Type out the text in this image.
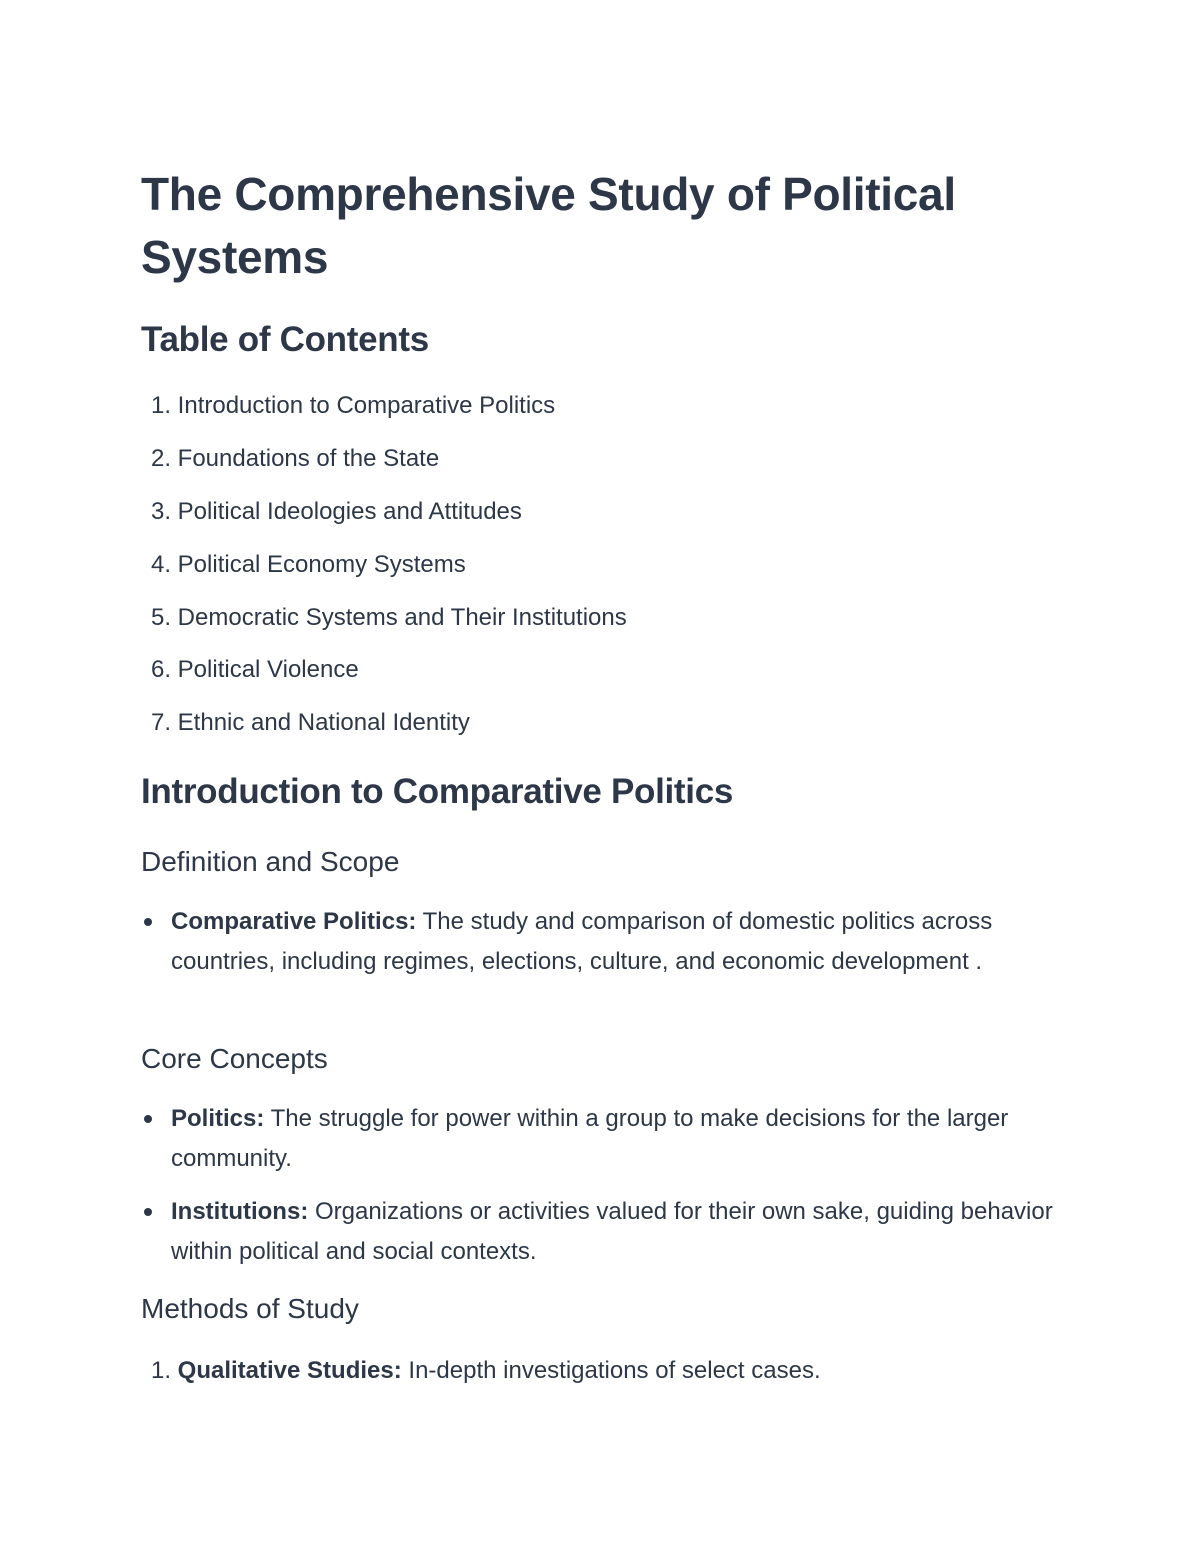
The Comprehensive Study of Political Systems
Table of Contents
1. Introduction to Comparative Politics
2. Foundations of the State
3. Political Ideologies and Attitudes
4. Political Economy Systems
5. Democratic Systems and Their Institutions
6. Political Violence
7. Ethnic and National Identity
Introduction to Comparative Politics
Definition and Scope
Comparative Politics: The study and comparison of domestic politics across countries, including regimes, elections, culture, and economic development .
Core Concepts
Politics: The struggle for power within a group to make decisions for the larger community.
Institutions: Organizations or activities valued for their own sake, guiding behavior within political and social contexts.
Methods of Study
1. Qualitative Studies: In-depth investigations of select cases.
